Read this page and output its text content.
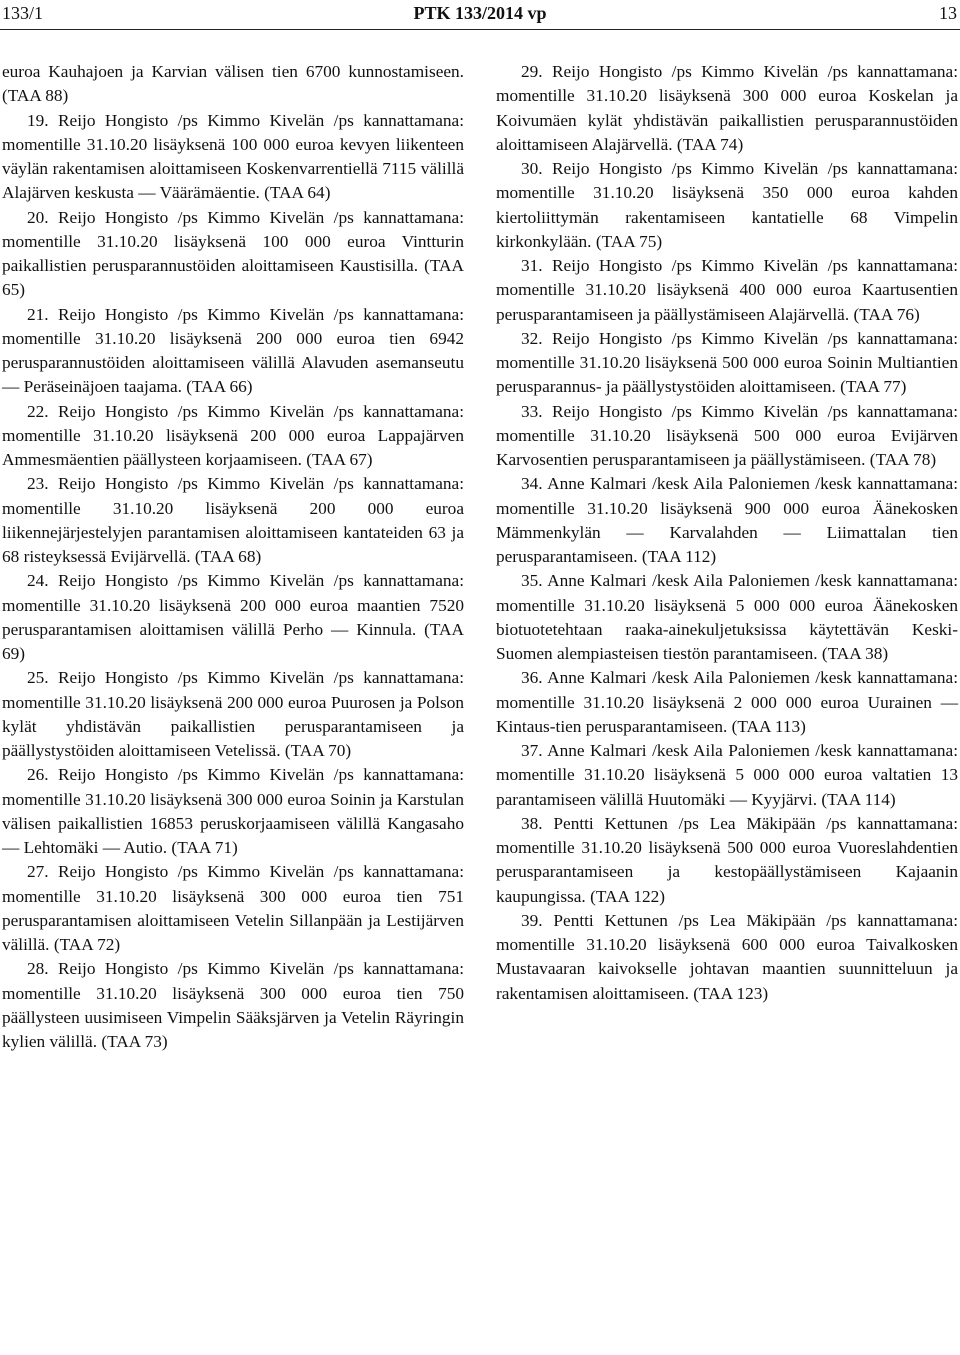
133/1	PTK 133/2014 vp	13

euroa Kauhajoen ja Karvian välisen tien 6700 kunnostamiseen. (TAA 88)

19. Reijo Hongisto /ps Kimmo Kivelän /ps kannattamana: momentille 31.10.20 lisäyksenä 100 000 euroa kevyen liikenteen väylän rakentamisen aloittamiseen Koskenvarrentiellä 7115 välillä Alajärven keskusta — Väärämäentie. (TAA 64)

20. Reijo Hongisto /ps Kimmo Kivelän /ps kannattamana: momentille 31.10.20 lisäyksenä 100 000 euroa Vintturin paikallistien perusparannustöiden aloittamiseen Kaustisilla. (TAA 65)

21. Reijo Hongisto /ps Kimmo Kivelän /ps kannattamana: momentille 31.10.20 lisäyksenä 200 000 euroa tien 6942 perusparannustöiden aloittamiseen välillä Alavuden asemanseutu — Peräseinäjoen taajama. (TAA 66)

22. Reijo Hongisto /ps Kimmo Kivelän /ps kannattamana: momentille 31.10.20 lisäyksenä 200 000 euroa Lappajärven Ammesmäentien päällysteen korjaamiseen. (TAA 67)

23. Reijo Hongisto /ps Kimmo Kivelän /ps kannattamana: momentille 31.10.20 lisäyksenä 200 000 euroa liikennejärjestelyjen parantamisen aloittamiseen kantateiden 63 ja 68 risteyksessä Evijärvellä. (TAA 68)

24. Reijo Hongisto /ps Kimmo Kivelän /ps kannattamana: momentille 31.10.20 lisäyksenä 200 000 euroa maantien 7520 perusparantamisen aloittamisen välillä Perho — Kinnula. (TAA 69)

25. Reijo Hongisto /ps Kimmo Kivelän /ps kannattamana: momentille 31.10.20 lisäyksenä 200 000 euroa Puurosen ja Polson kylät yhdistävän paikallistien perusparantamiseen ja päällystystöiden aloittamiseen Vetelissä. (TAA 70)

26. Reijo Hongisto /ps Kimmo Kivelän /ps kannattamana: momentille 31.10.20 lisäyksenä 300 000 euroa Soinin ja Karstulan välisen paikallistien 16853 peruskorjaamiseen välillä Kangasaho — Lehtomäki — Autio. (TAA 71)

27. Reijo Hongisto /ps Kimmo Kivelän /ps kannattamana: momentille 31.10.20 lisäyksenä 300 000 euroa tien 751 perusparantamisen aloittamiseen Vetelin Sillanpään ja Lestijärven välillä. (TAA 72)

28. Reijo Hongisto /ps Kimmo Kivelän /ps kannattamana: momentille 31.10.20 lisäyksenä 300 000 euroa tien 750 päällysteen uusimiseen Vimpelin Sääksjärven ja Vetelin Räyringin kylien välillä. (TAA 73)

29. Reijo Hongisto /ps Kimmo Kivelän /ps kannattamana: momentille 31.10.20 lisäyksenä 300 000 euroa Koskelan ja Koivumäen kylät yhdistävän paikallistien perusparannustöiden aloittamiseen Alajärvellä. (TAA 74)

30. Reijo Hongisto /ps Kimmo Kivelän /ps kannattamana: momentille 31.10.20 lisäyksenä 350 000 euroa kahden kiertoliittymän rakentamiseen kantatielle 68 Vimpelin kirkonkylään. (TAA 75)

31. Reijo Hongisto /ps Kimmo Kivelän /ps kannattamana: momentille 31.10.20 lisäyksenä 400 000 euroa Kaartusentien perusparantamiseen ja päällystämiseen Alajärvellä. (TAA 76)

32. Reijo Hongisto /ps Kimmo Kivelän /ps kannattamana: momentille 31.10.20 lisäyksenä 500 000 euroa Soinin Multiantien perusparannus- ja päällystystöiden aloittamiseen. (TAA 77)

33. Reijo Hongisto /ps Kimmo Kivelän /ps kannattamana: momentille 31.10.20 lisäyksenä 500 000 euroa Evijärven Karvosentien perusparantamiseen ja päällystämiseen. (TAA 78)

34. Anne Kalmari /kesk Aila Paloniemen /kesk kannattamana: momentille 31.10.20 lisäyksenä 900 000 euroa Äänekosken Mämmenkylän — Karvalahden — Liimattalan tien perusparantamiseen. (TAA 112)

35. Anne Kalmari /kesk Aila Paloniemen /kesk kannattamana: momentille 31.10.20 lisäyksenä 5 000 000 euroa Äänekosken biotuotetehtaan raaka-ainekuljetuksissa käytettävän Keski-Suomen alempiasteisen tiestön parantamiseen. (TAA 38)

36. Anne Kalmari /kesk Aila Paloniemen /kesk kannattamana: momentille 31.10.20 lisäyksenä 2 000 000 euroa Uurainen — Kintaus-tien perusparantamiseen. (TAA 113)

37. Anne Kalmari /kesk Aila Paloniemen /kesk kannattamana: momentille 31.10.20 lisäyksenä 5 000 000 euroa valtatien 13 parantamiseen välillä Huutomäki — Kyyjärvi. (TAA 114)

38. Pentti Kettunen /ps Lea Mäkipään /ps kannattamana: momentille 31.10.20 lisäyksenä 500 000 euroa Vuoreslahdentien perusparantamiseen ja kestopäällystämiseen Kajaanin kaupungissa. (TAA 122)

39. Pentti Kettunen /ps Lea Mäkipään /ps kannattamana: momentille 31.10.20 lisäyksenä 600 000 euroa Taivalkosken Mustavaaran kaivokselle johtavan maantien suunnitteluun ja rakentamisen aloittamiseen. (TAA 123)
